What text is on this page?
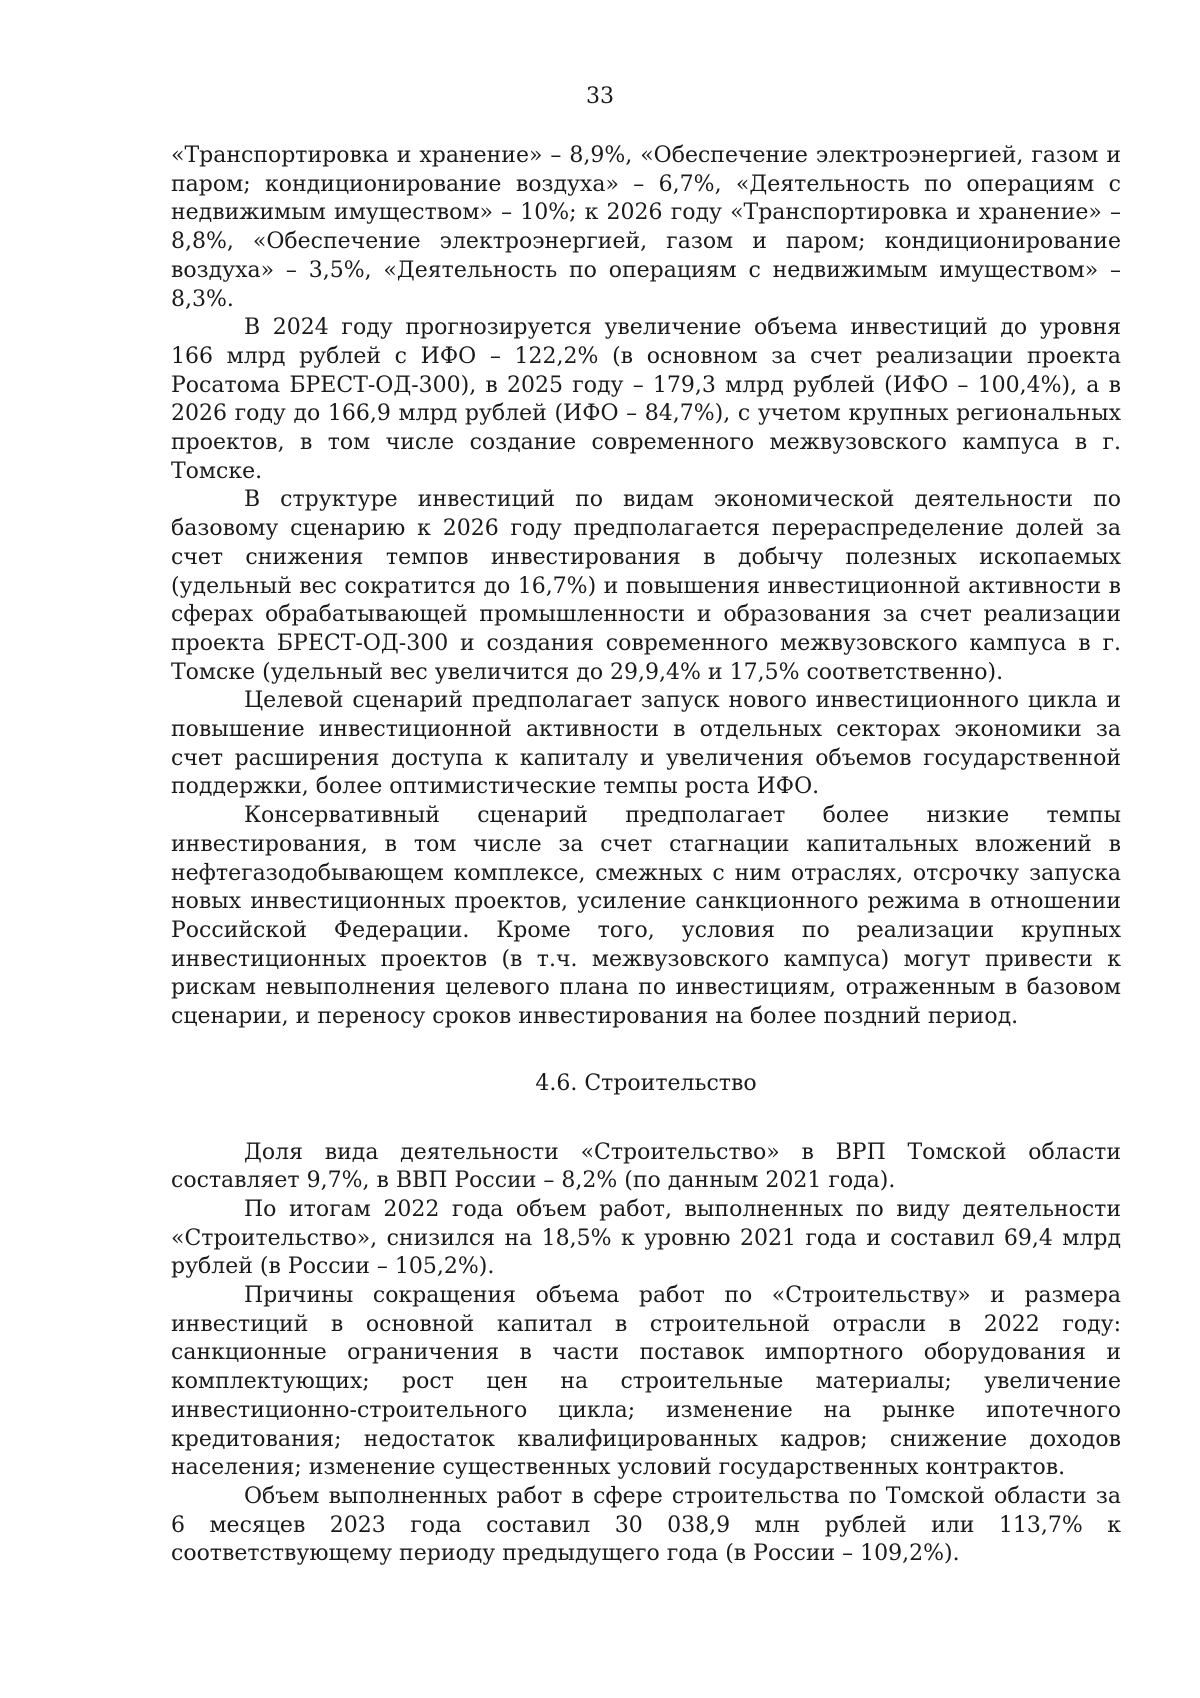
33

«Транспортировка и хранение» – 8,9%, «Обеспечение электроэнергией, газом и паром; кондиционирование воздуха» – 6,7%, «Деятельность по операциям с недвижимым имуществом» – 10%; к 2026 году «Транспортировка и хранение» – 8,8%, «Обеспечение электроэнергией, газом и паром; кондиционирование воздуха» – 3,5%, «Деятельность по операциям с недвижимым имуществом» – 8,3%.

В 2024 году прогнозируется увеличение объема инвестиций до уровня 166 млрд рублей с ИФО – 122,2% (в основном за счет реализации проекта Росатома БРЕСТ-ОД-300), в 2025 году – 179,3 млрд рублей (ИФО – 100,4%), а в 2026 году до 166,9 млрд рублей (ИФО – 84,7%), с учетом крупных региональных проектов, в том числе создание современного межвузовского кампуса в г. Томске.

В структуре инвестиций по видам экономической деятельности по базовому сценарию к 2026 году предполагается перераспределение долей за счет снижения темпов инвестирования в добычу полезных ископаемых (удельный вес сократится до 16,7%) и повышения инвестиционной активности в сферах обрабатывающей промышленности и образования за счет реализации проекта БРЕСТ-ОД-300 и создания современного межвузовского кампуса в г. Томске (удельный вес увеличится до 29,9,4% и 17,5% соответственно).

Целевой сценарий предполагает запуск нового инвестиционного цикла и повышение инвестиционной активности в отдельных секторах экономики за счет расширения доступа к капиталу и увеличения объемов государственной поддержки, более оптимистические темпы роста ИФО.

Консервативный сценарий предполагает более низкие темпы инвестирования, в том числе за счет стагнации капитальных вложений в нефтегазодобывающем комплексе, смежных с ним отраслях, отсрочку запуска новых инвестиционных проектов, усиление санкционного режима в отношении Российской Федерации. Кроме того, условия по реализации крупных инвестиционных проектов (в т.ч. межвузовского кампуса) могут привести к рискам невыполнения целевого плана по инвестициям, отраженным в базовом сценарии, и переносу сроков инвестирования на более поздний период.

4.6. Строительство

Доля вида деятельности «Строительство» в ВРП Томской области составляет 9,7%, в ВВП России – 8,2% (по данным 2021 года).

По итогам 2022 года объем работ, выполненных по виду деятельности «Строительство», снизился на 18,5% к уровню 2021 года и составил 69,4 млрд рублей (в России – 105,2%).

Причины сокращения объема работ по «Строительству» и размера инвестиций в основной капитал в строительной отрасли в 2022 году: санкционные ограничения в части поставок импортного оборудования и комплектующих; рост цен на строительные материалы; увеличение инвестиционно-строительного цикла; изменение на рынке ипотечного кредитования; недостаток квалифицированных кадров; снижение доходов населения; изменение существенных условий государственных контрактов.

Объем выполненных работ в сфере строительства по Томской области за 6 месяцев 2023 года составил 30 038,9 млн рублей или 113,7% к соответствующему периоду предыдущего года (в России – 109,2%).
